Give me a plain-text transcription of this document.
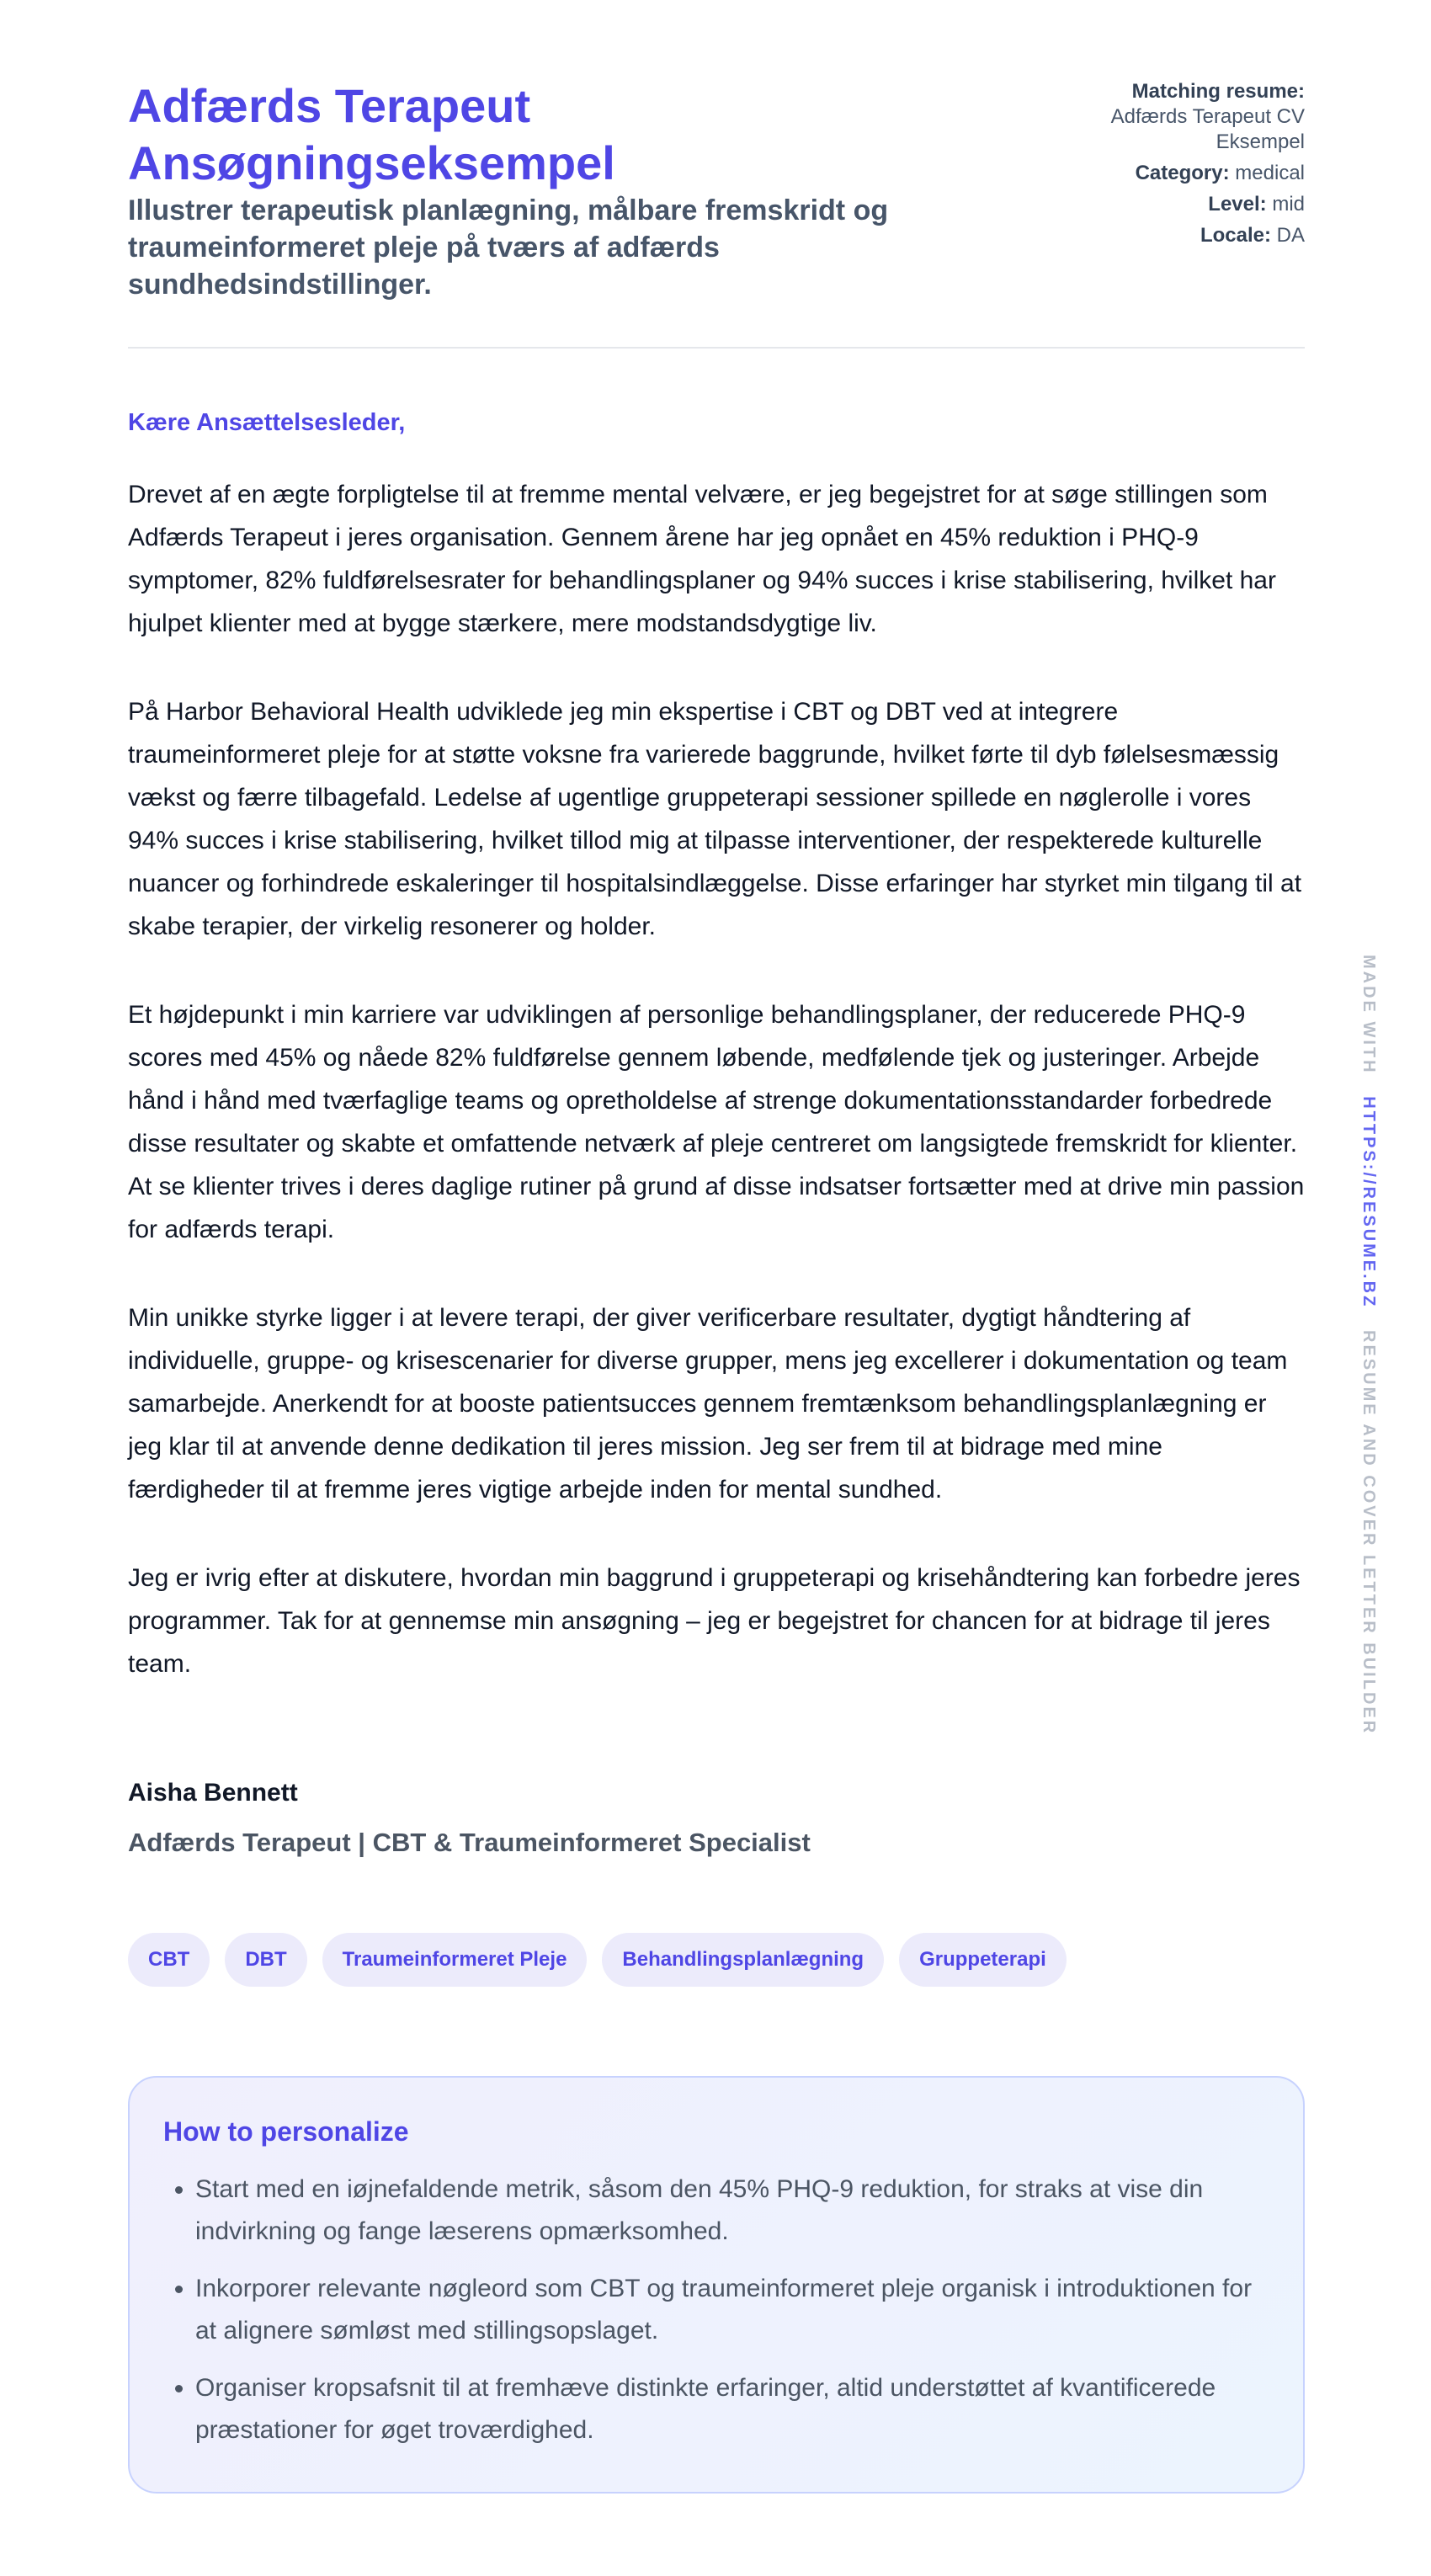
Adfærds Terapeut Ansøgningseksempel

Illustrer terapeutisk planlægning, målbare fremskridt og traumeinformeret pleje på tværs af adfærds sundhedsindstillinger.

Matching resume:
Adfærds Terapeut CV Eksempel
Category: medical
Level: mid
Locale: DA

Kære Ansættelsesleder,

Drevet af en ægte forpligtelse til at fremme mental velvære, er jeg begejstret for at søge stillingen som Adfærds Terapeut i jeres organisation. Gennem årene har jeg opnået en 45% reduktion i PHQ-9 symptomer, 82% fuldførelsesrater for behandlingsplaner og 94% succes i krise stabilisering, hvilket har hjulpet klienter med at bygge stærkere, mere modstandsdygtige liv.

På Harbor Behavioral Health udviklede jeg min ekspertise i CBT og DBT ved at integrere traumeinformeret pleje for at støtte voksne fra varierede baggrunde, hvilket førte til dyb følelsesmæssig vækst og færre tilbagefald. Ledelse af ugentlige gruppeterapi sessioner spillede en nøglerolle i vores 94% succes i krise stabilisering, hvilket tillod mig at tilpasse interventioner, der respekterede kulturelle nuancer og forhindrede eskaleringer til hospitalsindlæggelse. Disse erfaringer har styrket min tilgang til at skabe terapier, der virkelig resonerer og holder.

Et højdepunkt i min karriere var udviklingen af personlige behandlingsplaner, der reducerede PHQ-9 scores med 45% og nåede 82% fuldførelse gennem løbende, medfølende tjek og justeringer. Arbejde hånd i hånd med tværfaglige teams og opretholdelse af strenge dokumentationsstandarder forbedrede disse resultater og skabte et omfattende netværk af pleje centreret om langsigtede fremskridt for klienter. At se klienter trives i deres daglige rutiner på grund af disse indsatser fortsætter med at drive min passion for adfærds terapi.

Min unikke styrke ligger i at levere terapi, der giver verificerbare resultater, dygtigt håndtering af individuelle, gruppe- og krisescenarier for diverse grupper, mens jeg excellerer i dokumentation og team samarbejde. Anerkendt for at booste patientsucces gennem fremtænksom behandlingsplanlægning er jeg klar til at anvende denne dedikation til jeres mission. Jeg ser frem til at bidrage med mine færdigheder til at fremme jeres vigtige arbejde inden for mental sundhed.

Jeg er ivrig efter at diskutere, hvordan min baggrund i gruppeterapi og krisehåndtering kan forbedre jeres programmer. Tak for at gennemse min ansøgning – jeg er begejstret for chancen for at bidrage til jeres team.

Aisha Bennett

Adfærds Terapeut | CBT & Traumeinformeret Specialist

CBT	DBT	Traumeinformeret Pleje	Behandlingsplanlægning	Gruppeterapi
How to personalize
• Start med en iøjnefaldende metrik, såsom den 45% PHQ-9 reduktion, for straks at vise din indvirkning og fange læserens opmærksomhed.
• Inkorporer relevante nøgleord som CBT og traumeinformeret pleje organisk i introduktionen for at alignere sømløst med stillingsopslaget.
• Organiser kropsafsnit til at fremhæve distinkte erfaringer, altid understøttet af kvantificerede præstationer for øget troværdighed.
MADE WITH   HTTPS://RESUME.BZ   RESUME AND COVER LETTER BUILDER
